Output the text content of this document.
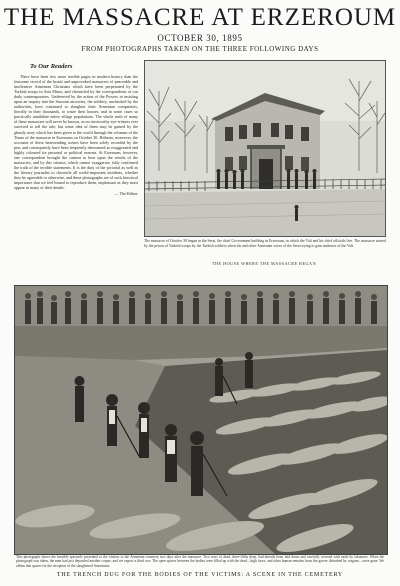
THE MASSACRE AT ERZEROUM
OCTOBER 30, 1895
FROM PHOTOGRAPHS TAKEN ON THE THREE FOLLOWING DAYS
To Our Readers

There have been few more terrible pages in modern history than the fearsome record of the brutal and unprovoked massacres of peaceable and inoffensive Armenian Christians which have been perpetrated by the Turkish troops in Asia Minor, and chronicled by the correspondents of our daily contemporaries. Undeterred by the action of the Powers in insisting upon an inquiry into the Sassoun atrocities, the soldiery, unchecked by the authorities, have continued to slaughter their Armenian compatriots, literally in their thousands, to waste their houses, and in some cases so practically annihilate entire village populations. The whole truth of many of these massacres will never be known, as no trustworthy eye-witness ever survived to tell the tale; but some idea of them may be gained by the ghastly story which has been given to the world through the columns of the Times of the massacre in Erzeroum on October 30. Hitherto, moreover, the accounts of these heartrending scenes have been solely recorded by the pen, and consequently have been frequently denounced as exaggerated and highly coloured for personal or political reasons. At Erzeroum, however, one correspondent brought the camera to bear upon the results of the massacres, and by this witness, which cannot exaggerate, fully confirmed the truth of the terrible statements. It is the duty of the pictorial as well as the literary journalist to chronicle all world-important incidents, whether they be agreeable or otherwise, and these photographs are of such historical importance that we feel bound to reproduce them, unpleasant as they must appear in many of their details.

— The Editor.
The massacre of October 30 began in the Serai, the chief Government building in Erzeroum, in which the Vali and his chief officials live. The massacre started by the prison of Turkish troops by the Turkish soldiers when his and other Armenian wives of the Serai trying to gain audience of the Vali.
THE HOUSE WHERE THE MASSACRE BEGAN
This photograph shows the horrible spectacle presented to the visitors to the Armenian cemetery two days after the massacre. Two rows of dead, three-fifths deep, had already been laid down and carefully covered with earth by labourers. When the photograph was taken, the men had just deposited another corpse, and we expect a third row. The open spaces between the bodies were filled up with the dead—high faces, and other human remains from the graves disturbed by wagons—were gone. We affirm that spaces for the reception of the slaughtered Armenians.
THE TRENCH DUG FOR THE BODIES OF THE VICTIMS: A SCENE IN THE CEMETERY
